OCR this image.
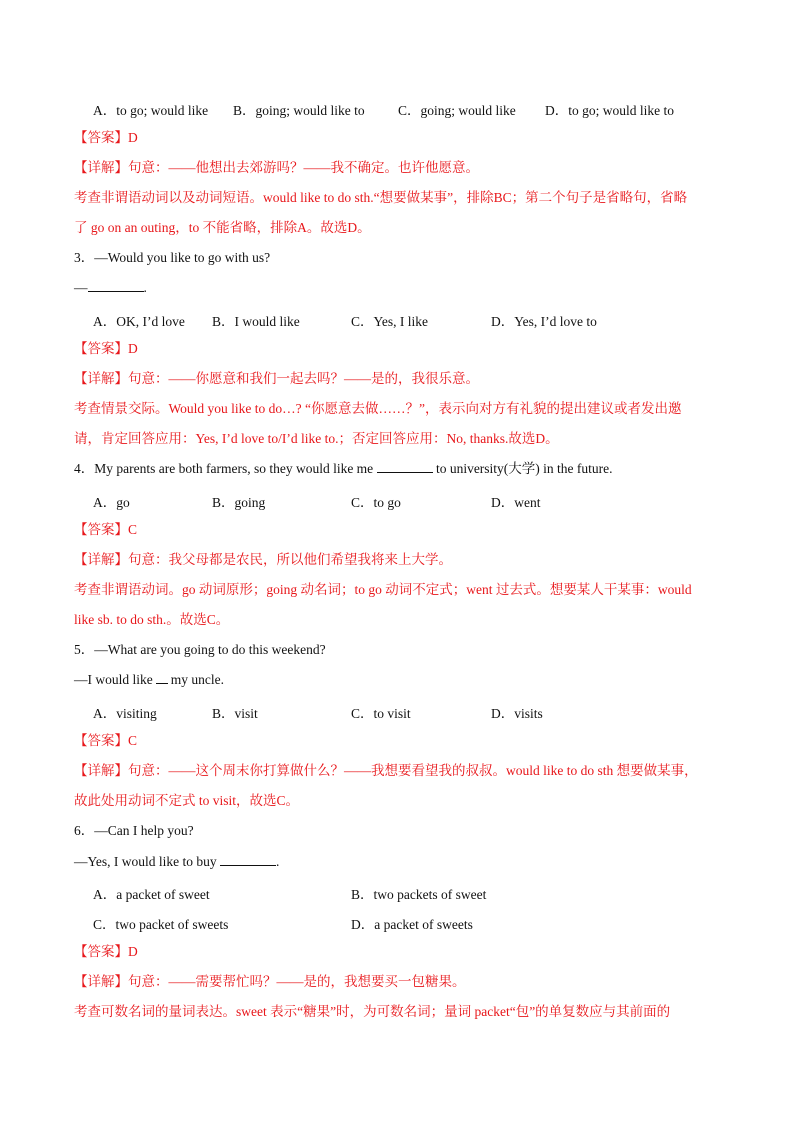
A．to go; would like B．going; would like to C．going; would like D．to go; would like to
【答案】D
【详解】句意：——他想出去郊游吗？——我不确定。也许他愿意。
考查非谓语动词以及动词短语。would like to do sth.“想要做某事”，排除BC；第二个句子是省略句，省略
了 go on an outing，to 不能省略，排除A。故选D。
3．—Would you like to go with us?
—	.
A．OK, I’d love B．I would like	C．Yes, I like	D．Yes, I’d love to
【答案】D
【详解】句意：——你愿意和我们一起去吗？——是的，我很乐意。
考查情景交际。Would you like to do…? “你愿意去做……？”，表示向对方有礼貌的提出建议或者发出邀
请，肯定回答应用：Yes, I’d love to/I’d like to.；否定回答应用：No, thanks.故选D。
4．My parents are both farmers, so they would like me	to university(大学) in the future.
A．go	B．going	C．to go	D．went
【答案】C
【详解】句意：我父母都是农民，所以他们希望我将来上大学。
考查非谓语动词。go 动词原形；going 动名词；to go 动词不定式；went 过去式。想要某人干某事：would
like sb. to do sth.。故选C。
5．—What are you going to do this weekend?
—I would like my uncle.
A．visiting	B．visit	C．to visit	D．visits
【答案】C
【详解】句意：——这个周末你打算做什么？——我想要看望我的叔叔。would like to do sth 想要做某事，
故此处用动词不定式 to visit，故选C。
6．—Can I help you?
—Yes, I would like to buy	.
A．a packet of sweet	B．two packets of sweet
C．two packet of sweets	D．a packet of sweets
【答案】D
【详解】句意：——需要帮忙吗？——是的，我想要买一包糖果。
考查可数名词的量词表达。sweet 表示“糖果”时，为可数名词；量词 packet“包”的单复数应与其前面的
